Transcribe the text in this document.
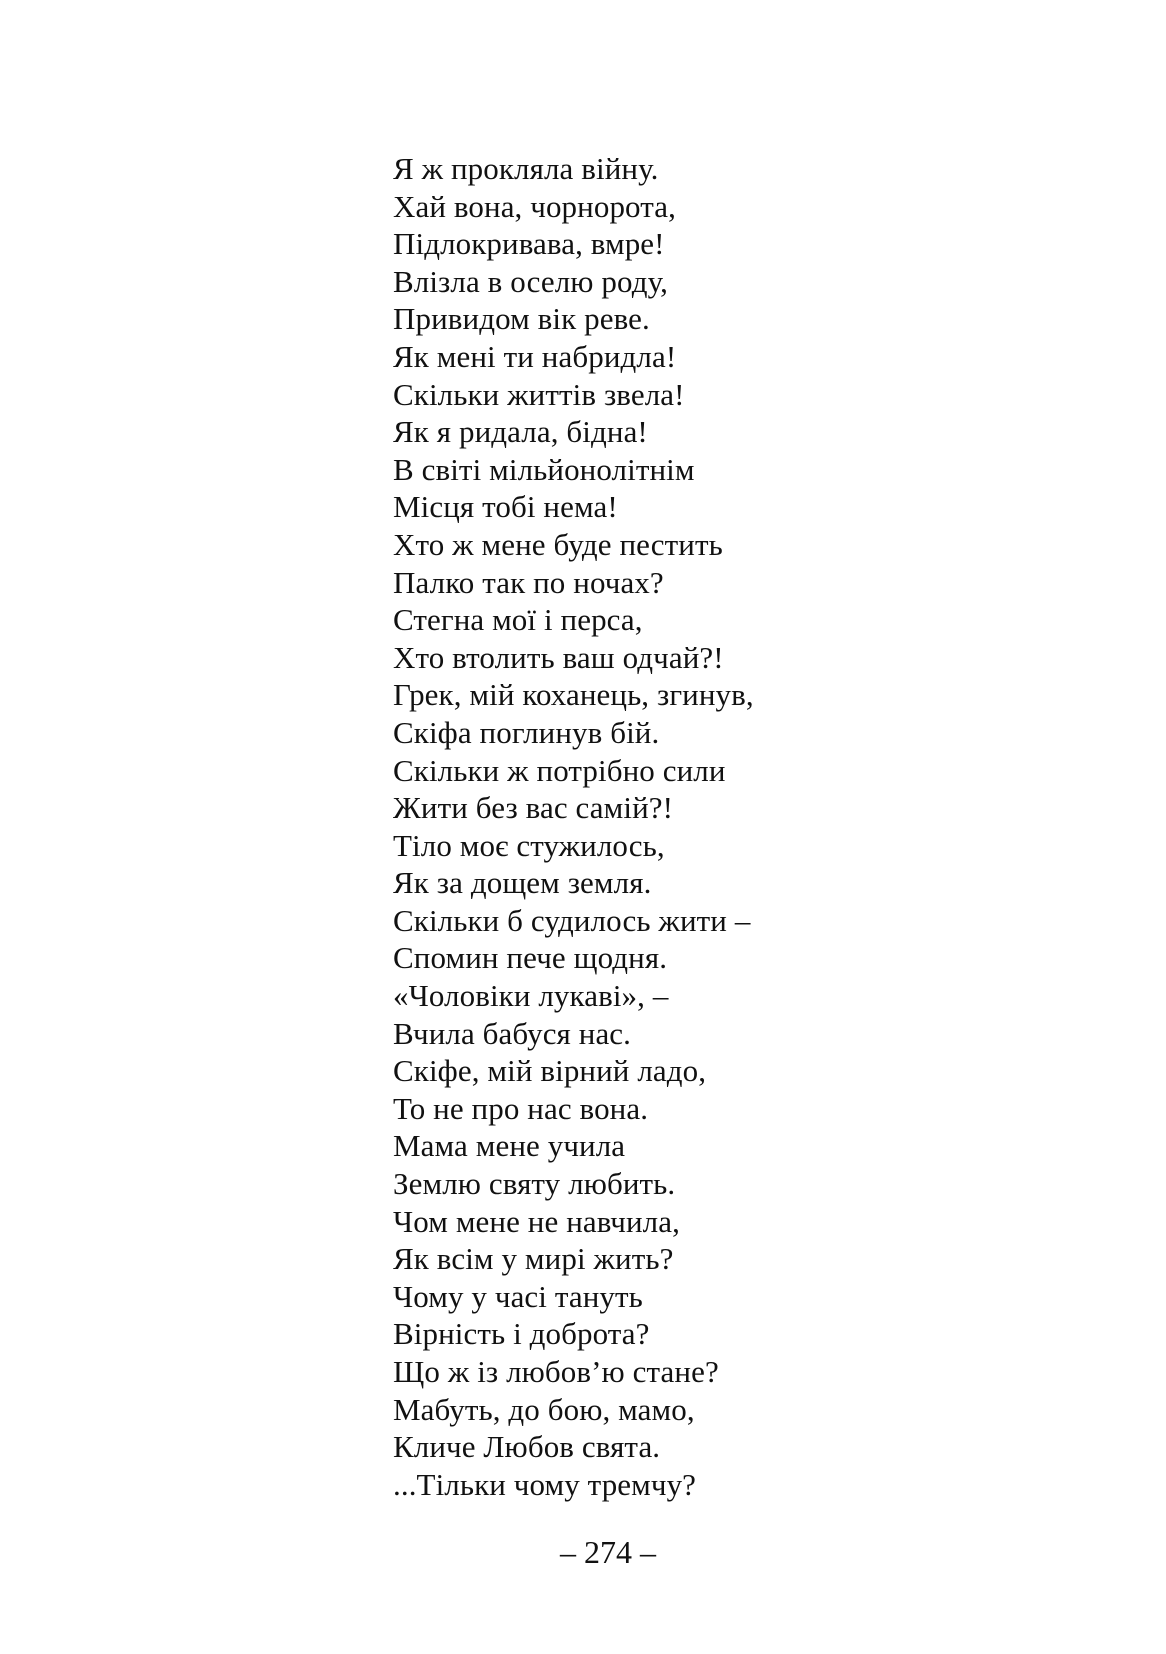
Я ж прокляла війну.
Хай вона, чорнорота,
Підлокривава, вмре!
Влізла в оселю роду,
Привидом вік реве.
Як мені ти набридла!
Скільки життів звела!
Як я ридала, бідна!
В світі мільйонолітнім
Місця тобі нема!
Хто ж мене буде пестить
Палко так по ночах?
Стегна мої і перса,
Хто втолить ваш одчай?!
Грек, мій коханець, згинув,
Скіфа поглинув бій.
Скільки ж потрібно сили
Жити без вас самій?!
Тіло моє стужилось,
Як за дощем земля.
Скільки б судилось жити –
Спомин пече щодня.
«Чоловіки лукаві», –
Вчила бабуся нас.
Скіфе, мій вірний ладо,
То не про нас вона.
Мама мене учила
Землю святу любить.
Чом мене не навчила,
Як всім у мирі жить?
Чому у часі тануть
Вірність і доброта?
Що ж із любов’ю стане?
Мабуть, до бою, мамо,
Кличе Любов свята.
...Тільки чому тремчу?
– 274 –
